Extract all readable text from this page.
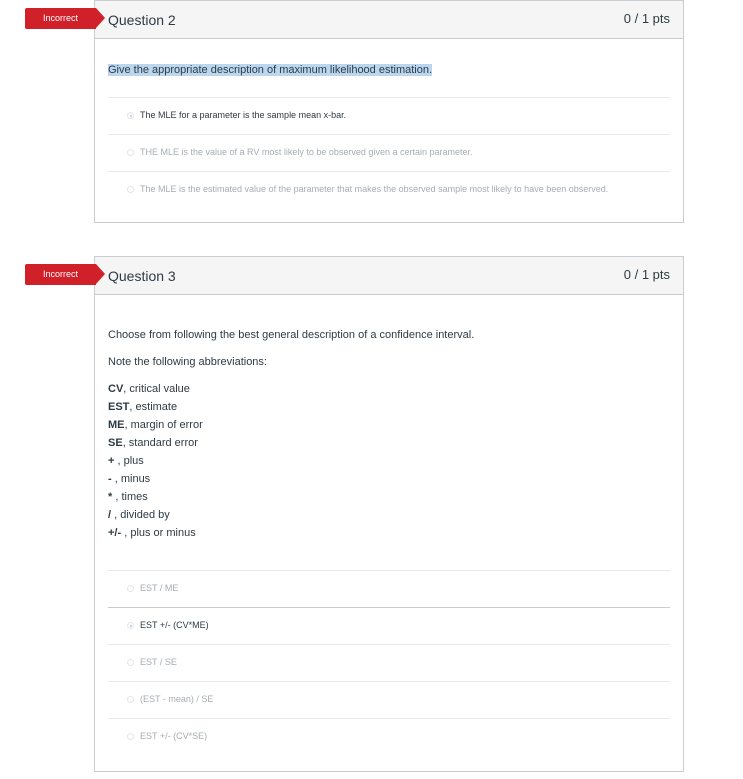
Incorrect	Question 2	0 / 1 pts
Give the appropriate description of maximum likelihood estimation.
The MLE for a parameter is the sample mean x-bar.
THE MLE is the value of a RV most likely to be observed given a certain parameter.
The MLE is the estimated value of the parameter that makes the observed sample most likely to have been observed.
Incorrect	Question 3	0 / 1 pts
Choose from following the best general description of a confidence interval.
Note the following abbreviations:
CV, critical value
EST, estimate
ME, margin of error
SE, standard error
+ , plus
- , minus
* , times
/ , divided by
+/- , plus or minus
EST / ME
EST +/- (CV*ME)
EST / SE
(EST - mean) / SE
EST +/- (CV*SE)
